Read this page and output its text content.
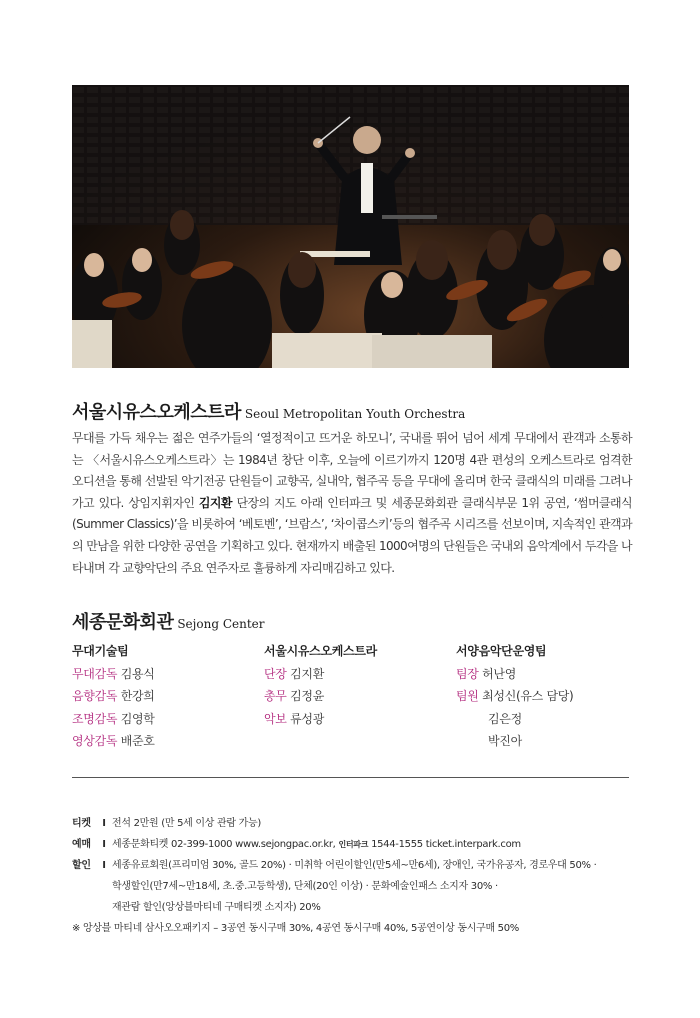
서울시유스오케스트라 Seoul Metropolitan Youth Orchestra
무대를 가득 채우는 젊은 연주가들의 ‘열정적이고 뜨거운 하모니’, 국내를 뛰어 넘어 세계 무대에서 관객과 소통하는 〈서울시유스오케스트라〉는 1984년 창단 이후, 오늘에 이르기까지 120명 4관 편성의 오케스트라로 엄격한 오디션을 통해 선발된 악기전공 단원들이 교향곡, 실내악, 협주곡 등을 무대에 올리며 한국 클래식의 미래를 그려나가고 있다. 상임지휘자인 김지환 단장의 지도 아래 인터파크 및 세종문화회관 클래식부문 1위 공연, ‘썸머클래식(Summer Classics)’을 비롯하여 ‘베토벤’, ‘브람스’, ‘차이콥스키’등의 협주곡 시리즈를 선보이며, 지속적인 관객과의 만남을 위한 다양한 공연을 기획하고 있다. 현재까지 배출된 1000여명의 단원들은 국내외 음악계에서 두각을 나타내며 각 교향악단의 주요 연주자로 훌륭하게 자리매김하고 있다.
세종문화회관 Sejong Center
무대기술팀
무대감독 김용식
음향감독 한강희
조명감독 김영학
영상감독 배준호
서울시유스오케스트라
단장 김지환
총무 김정윤
악보 류성광
서양음악단운영팀
팀장 허난영
팀원 최성신(유스 담당)
김은정
박진아
티켓 I 전석 2만원 (만 5세 이상 관람 가능)
예매 I 세종문화티켓 02-399-1000 www.sejongpac.or.kr, 인터파크 1544-1555 ticket.interpark.com
할인 I 세종유료회원(프리미엄 30%, 골드 20%) · 미취학 어린이할인(만5세~만6세), 장애인, 국가유공자, 경로우대 50% ·
학생할인(만7세~만18세, 초.중.고등학생), 단체(20인 이상) · 문화예술인패스 소지자 30% ·
재관람 할인(앙상블마티네 구매티켓 소지자) 20%
※ 앙상블 마티네 삼사오오패키지 – 3공연 동시구매 30%, 4공연 동시구매 40%, 5공연이상 동시구매 50%
